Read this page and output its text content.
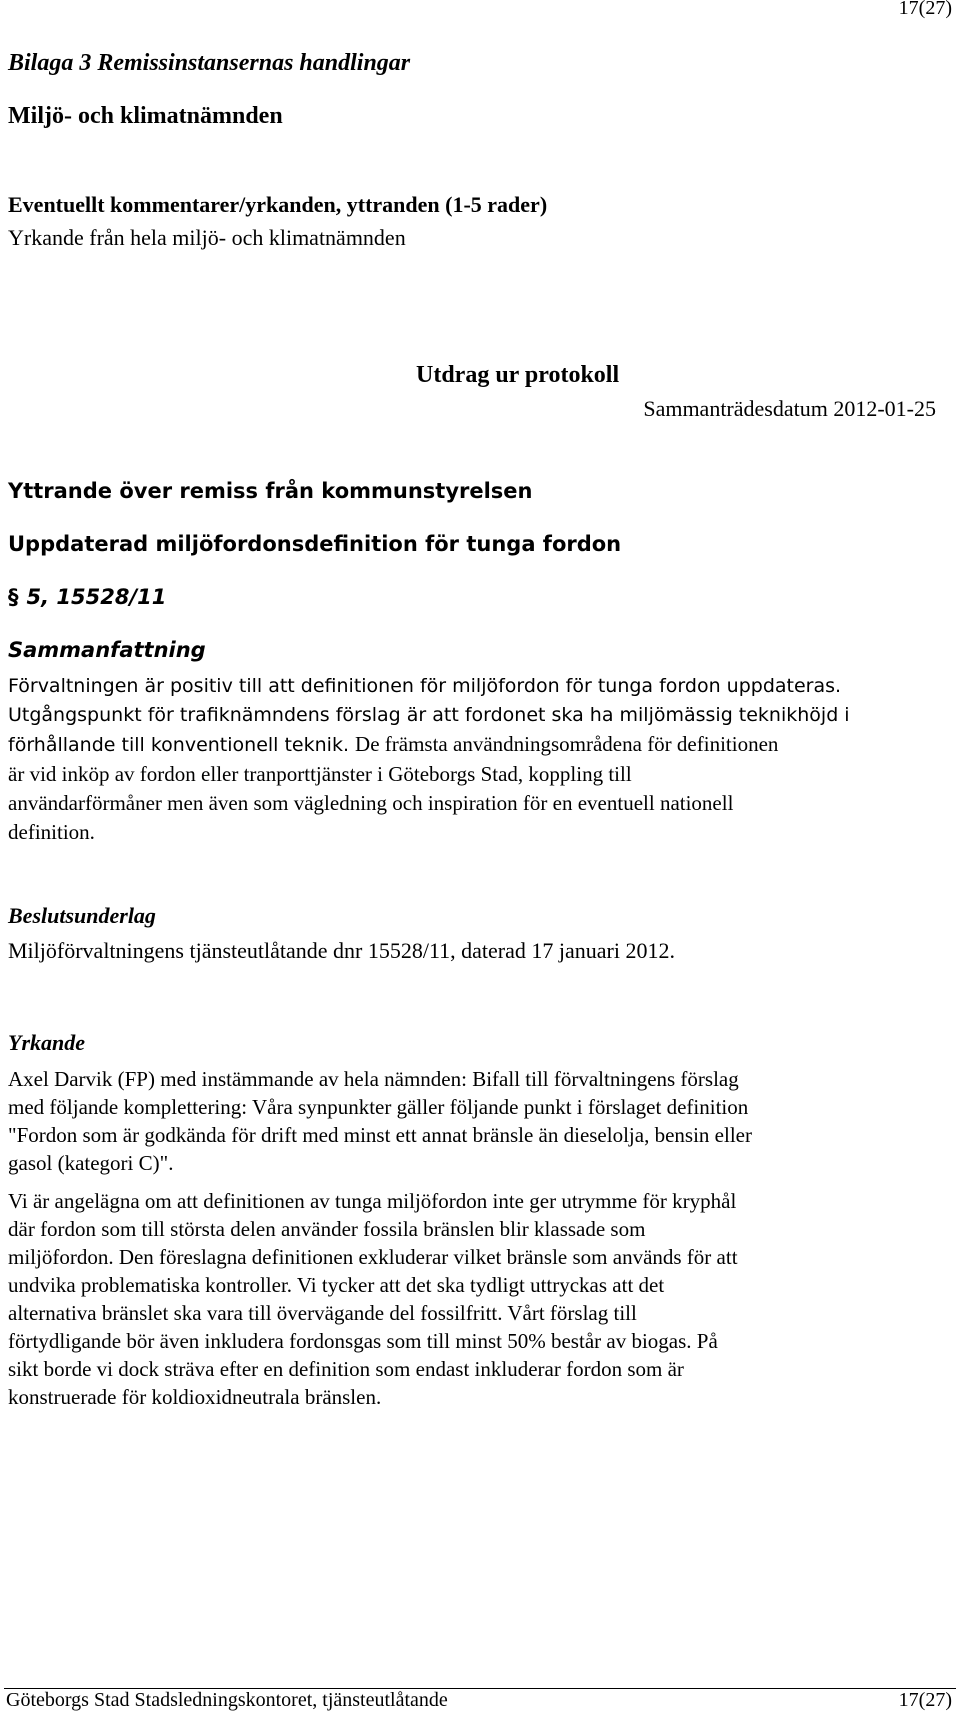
17(27)
Bilaga 3 Remissinstansernas handlingar
Miljö- och klimatnämnden
Eventuellt kommentarer/yrkanden, yttranden (1-5 rader)
Yrkande från hela miljö- och klimatnämnden
Utdrag ur protokoll
Sammanträdesdatum 2012-01-25
Yttrande över remiss från kommunstyrelsen
Uppdaterad miljöfordonsdefinition för tunga fordon
§ 5, 15528/11
Sammanfattning
Förvaltningen är positiv till att definitionen för miljöfordon för tunga fordon uppdateras.
Utgångspunkt för trafiknämndens förslag är att fordonet ska ha miljömässig teknikhöjd i
förhållande till konventionell teknik. De främsta användningsområdena för definitionen
är vid inköp av fordon eller tranporttjänster i Göteborgs Stad, koppling till
användarförmåner men även som vägledning och inspiration för en eventuell nationell
definition.
Beslutsunderlag
Miljöförvaltningens tjänsteutlåtande dnr 15528/11, daterad 17 januari 2012.
Yrkande
Axel Darvik (FP) med instämmande av hela nämnden: Bifall till förvaltningens förslag
med följande komplettering: Våra synpunkter gäller följande punkt i förslaget definition
"Fordon som är godkända för drift med minst ett annat bränsle än dieselolja, bensin eller
gasol (kategori C)".
Vi är angelägna om att definitionen av tunga miljöfordon inte ger utrymme för kryphål
där fordon som till största delen använder fossila bränslen blir klassade som
miljöfordon. Den föreslagna definitionen exkluderar vilket bränsle som används för att
undvika problematiska kontroller. Vi tycker att det ska tydligt uttryckas att det
alternativa bränslet ska vara till övervägande del fossilfritt. Vårt förslag till
förtydligande bör även inkludera fordonsgas som till minst 50% består av biogas. På
sikt borde vi dock sträva efter en definition som endast inkluderar fordon som är
konstruerade för koldioxidneutrala bränslen.
Göteborgs Stad Stadsledningskontoret, tjänsteutlåtande	17(27)
